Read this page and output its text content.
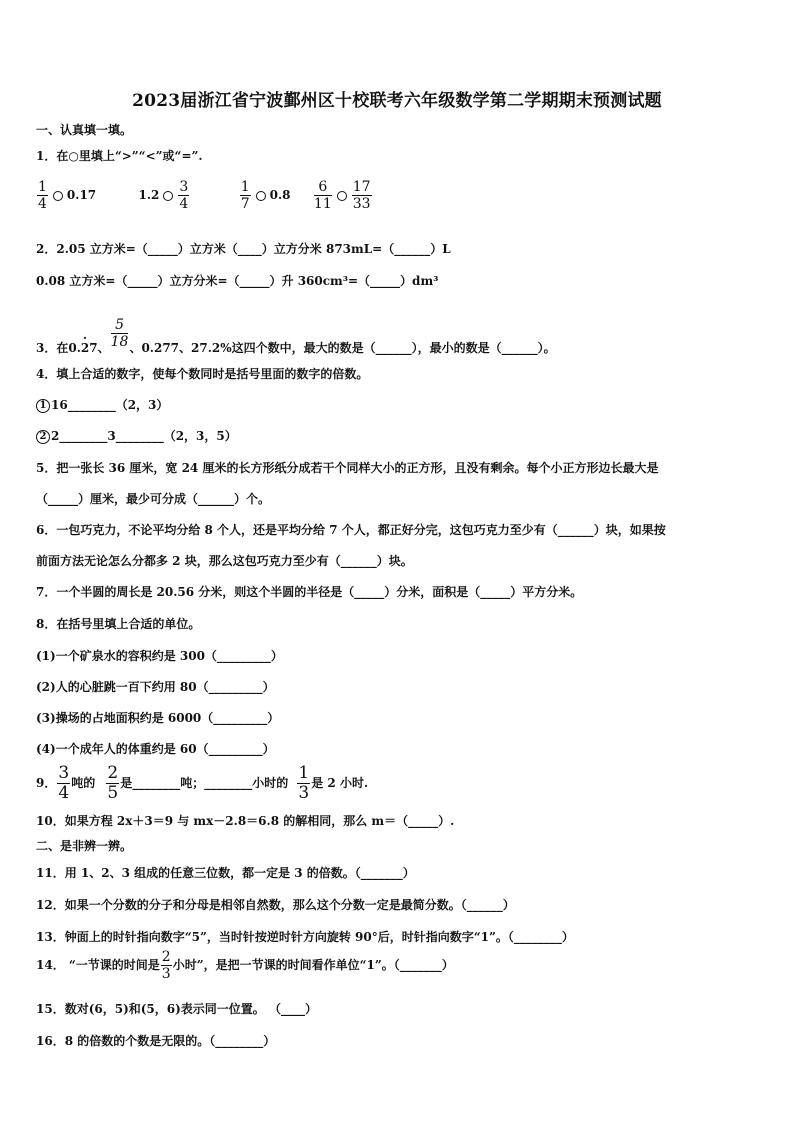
2023届浙江省宁波鄞州区十校联考六年级数学第二学期期末预测试题
一、认真填一填。
1．在○里填上“>”“<”或“=”.
$\frac{1}{4} 0.17$	$1.2 \frac{3}{4}$
	$\frac{1}{7} 0.8 \frac{6}{11} \frac{17}{33}$
2．2.05 立方米=（_____）立方米（____）立方分米 873mL=（______）L
0.08 立方米=（_____）立方分米=（_____）升 360cm³=（_____）dm³
3．在0.· 27、 $\frac{5}{18}$ 、0.277、27.2%这四个数中，最大的数是（______），最小的数是（______）。
4．填上合适的数字，使每个数同时是括号里面的数字的倍数。
1 16________（2，3）
2 2________3________（2，3，5）
5．把一张长 36 厘米，宽 24 厘米的长方形纸分成若干个同样大小的正方形，且没有剩余。每个小正方形边长最大是
（_____）厘米，最少可分成（______）个。
6．一包巧克力，不论平均分给 8 个人，还是平均分给 7 个人，都正好分完，这包巧克力至少有（______）块，如果按
前面方法无论怎么分都多 2 块，那么这包巧克力至少有（______）块。
7．一个半圆的周长是 20.56 分米，则这个半圆的半径是（_____）分米，面积是（_____）平方分米。
8．在括号里填上合适的单位。
(1)一个矿泉水的容积约是 300（_________）
(2)人的心脏跳一百下约用 80（_________）
(3)操场的占地面积约是 6000（_________）
(4)一个成年人的体重约是 60（_________）
9． $\frac{3}{4}$ 吨的 $\frac{2}{5}$ 是________吨；________小时的 $\frac{1}{3}$ 是 2 小时.
10．如果方程 2x＋3＝9 与 mx－2.8＝6.8 的解相同，那么 m＝（_____）.
二、是非辨一辨。
11．用 1、2、3 组成的任意三位数，都一定是 3 的倍数。（_______）
12．如果一个分数的分子和分母是相邻自然数，那么这个分数一定是最简分数。（______）
13．钟面上的时针指向数字“5”，当时针按逆时针方向旋转 90°后，时针指向数字“1”。（________）
14． “一节课的时间是 $\frac{2}{3}$ 小时”，是把一节课的时间看作单位“1”。（_______）
15．数对(6，5)和(5，6)表示同一位置。 （____）
16．8 的倍数的个数是无限的。（________）
